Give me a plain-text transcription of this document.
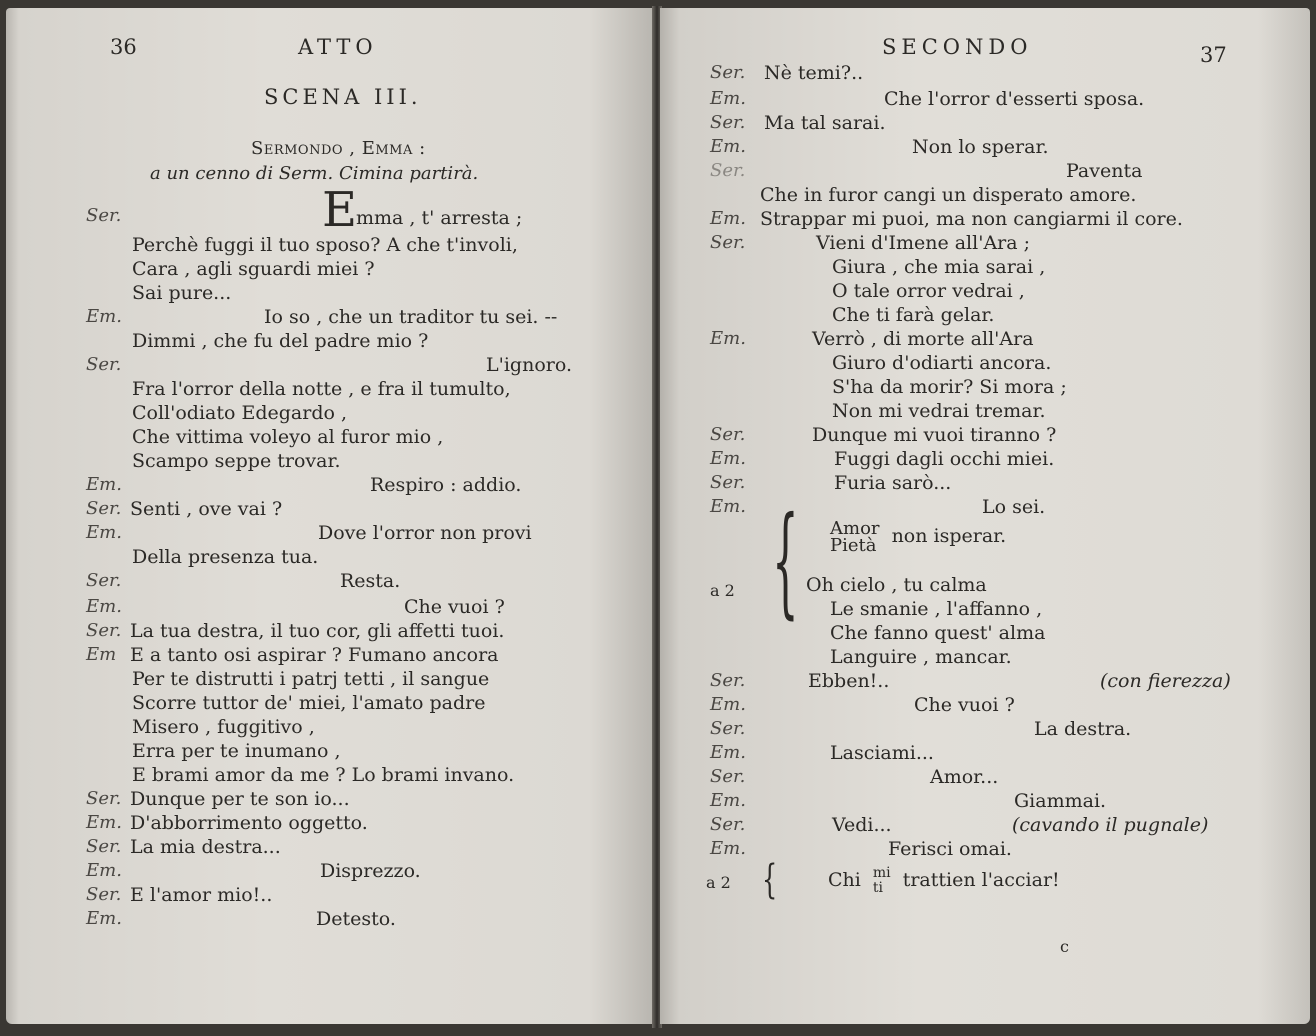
36	ATTO
SCENA III.
Sermondo , Emma :
a un cenno di Serm. Cimina partirà.
Ser.	E
mma , t' arresta ;
Perchè fuggi il tuo sposo? A che t'involi,
Cara , agli sguardi miei ?
Sai pure...
Em.	Io so , che un traditor tu sei. --
Dimmi , che fu del padre mio ?
Ser.	L'ignoro.
Fra l'orror della notte , e fra il tumulto,
Coll'odiato Edegardo ,
Che vittima voleyo al furor mio ,
Scampo seppe trovar.
Em.	Respiro : addio.
Ser. Senti , ove vai ?
Em.	Dove l'orror non provi
Della presenza tua.
Ser.	Resta.
Em.	Che vuoi ?
Ser. La tua destra, il tuo cor, gli affetti tuoi.
Em E a tanto osi aspirar ? Fumano ancora
Per te distrutti i patrj tetti , il sangue
Scorre tuttor de' miei, l'amato padre
Misero , fuggitivo ,
Erra per te inumano ,
E brami amor da me ? Lo brami invano.
Ser. Dunque per te son io...
Em. D'abborrimento oggetto.
Ser. La mia destra...
Em.	Disprezzo.
Ser. E l'amor mio!..
Em.	Detesto.
SECONDO	37
Ser. Nè temi?..
Em.	Che l'orror d'esserti sposa.
Ser. Ma tal sarai.
Em.	Non lo sperar.
Ser.	Paventa
Che in furor cangi un disperato amore.
Em. Strappar mi puoi, ma non cangiarmi il core.
Ser.	Vieni d'Imene all'Ara ;
Giura , che mia sarai ,
O tale orror vedrai ,
Che ti farà gelar.
Em.	Verrò , di morte all'Ara
Giuro d'odiarti ancora.
S'ha da morir? Si mora ;
Non mi vedrai tremar.
Ser.	Dunque mi vuoi tiranno ?
Em.	Fuggi dagli occhi miei.
Ser.	Furia sarò...
Em.	Lo sei.
a 2 { Amor
Pietà non isperar.
Oh cielo , tu calma
Le smanie , l'affanno ,
Che fanno quest' alma
Languire , mancar.
Ser.	Ebben!..	(con fierezza)
Em.	Che vuoi ?
Ser.	La destra.
Em.	Lasciami...
Ser.	Amor...
Em.	Giammai.
Ser.	Vedi...	(cavando il pugnale)
Em.	Ferisci omai.
a 2 {	Chi mi
ti	trattien l'acciar!
c
